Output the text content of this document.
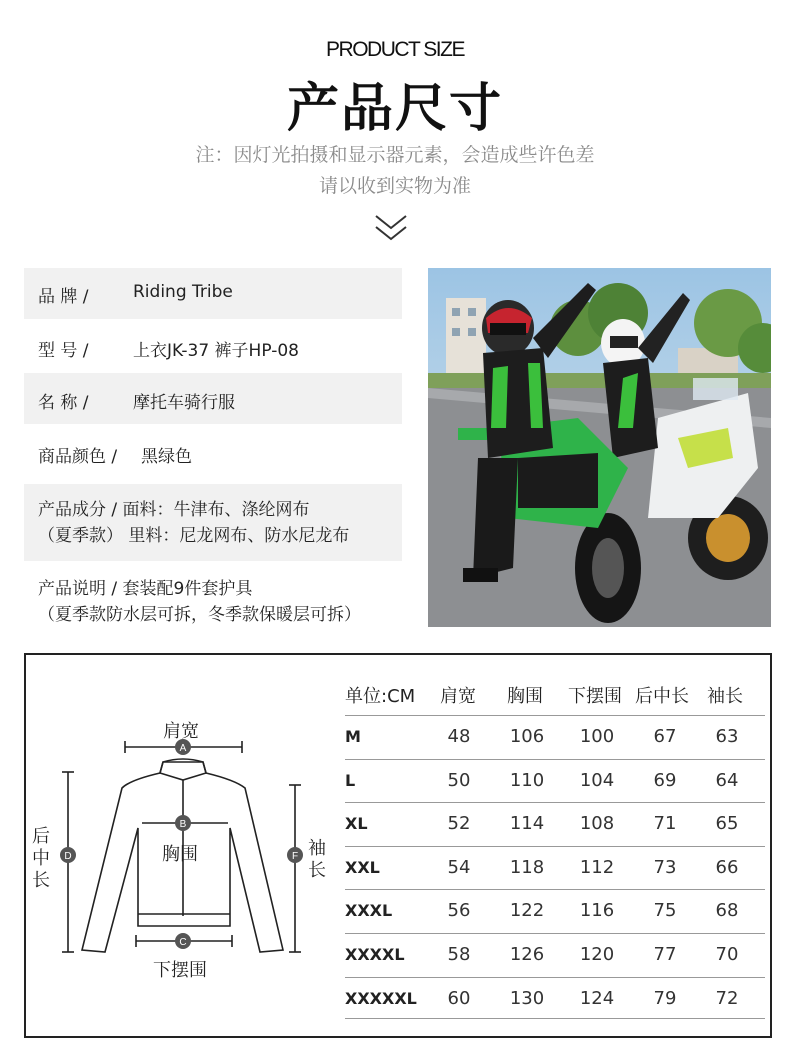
PRODUCT SIZE
产品尺寸
注：因灯光拍摄和显示器元素，会造成些许色差
请以收到实物为准
品 牌 /	Riding Tribe
型 号 /	上衣JK-37 裤子HP-08
名 称 /	摩托车骑行服
商品颜色 / 黑绿色
产品成分 / 面料：牛津布、涤纶网布
（夏季款） 里料：尼龙网布、防水尼龙布
产品说明 / 套装配9件套护具
（夏季款防水层可拆，冬季款保暖层可拆）
A
B
C
D	F
肩宽
胸围
下摆围
后中长
袖长
单位:CM 肩宽 胸围 下摆围 后中长 袖长
M	48	106	100	67	63
L	50	110	104	69	64
XL	52	114	108	71	65
XXL	54	118	112	73	66
XXXL	56	122	116	75	68
XXXXL	58	126	120	77	70
XXXXXL	60	130	124	79	72
